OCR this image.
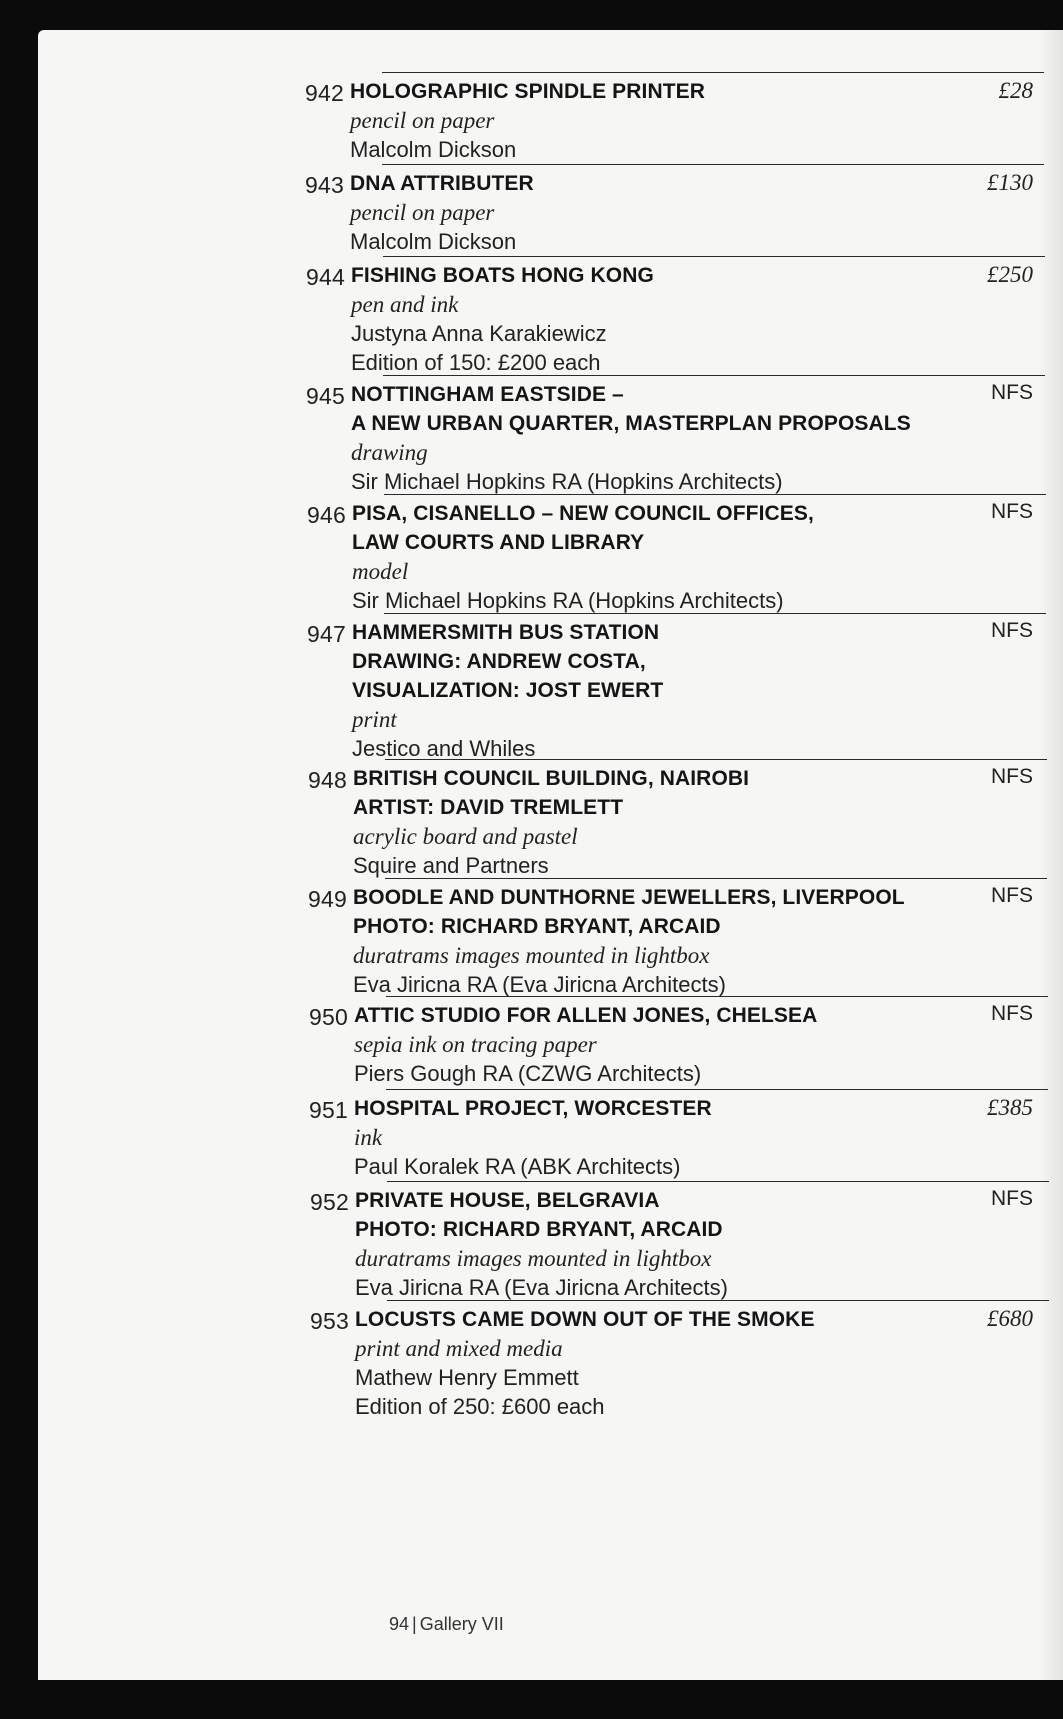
942 HOLOGRAPHIC SPINDLE PRINTER
pencil on paper
Malcolm Dickson
£28
943 DNA ATTRIBUTER
pencil on paper
Malcolm Dickson
£130
944 FISHING BOATS HONG KONG
pen and ink
Justyna Anna Karakiewicz
Edition of 150: £200 each
£250
945 NOTTINGHAM EASTSIDE –
A NEW URBAN QUARTER, MASTERPLAN PROPOSALS
drawing
Sir Michael Hopkins RA (Hopkins Architects)
NFS
946 PISA, CISANELLO – NEW COUNCIL OFFICES,
LAW COURTS AND LIBRARY
model
Sir Michael Hopkins RA (Hopkins Architects)
NFS
947 HAMMERSMITH BUS STATION
DRAWING: ANDREW COSTA,
VISUALIZATION: JOST EWERT
print
Jestico and Whiles
NFS
948 BRITISH COUNCIL BUILDING, NAIROBI
ARTIST: DAVID TREMLETT
acrylic board and pastel
Squire and Partners
NFS
949 BOODLE AND DUNTHORNE JEWELLERS, LIVERPOOL
PHOTO: RICHARD BRYANT, ARCAID
duratrams images mounted in lightbox
Eva Jiricna RA (Eva Jiricna Architects)
NFS
950 ATTIC STUDIO FOR ALLEN JONES, CHELSEA
sepia ink on tracing paper
Piers Gough RA (CZWG Architects)
NFS
951 HOSPITAL PROJECT, WORCESTER
ink
Paul Koralek RA (ABK Architects)
£385
952 PRIVATE HOUSE, BELGRAVIA
PHOTO: RICHARD BRYANT, ARCAID
duratrams images mounted in lightbox
Eva Jiricna RA (Eva Jiricna Architects)
NFS
953 LOCUSTS CAME DOWN OUT OF THE SMOKE
print and mixed media
Mathew Henry Emmett
Edition of 250: £600 each
£680
94 | Gallery VII
